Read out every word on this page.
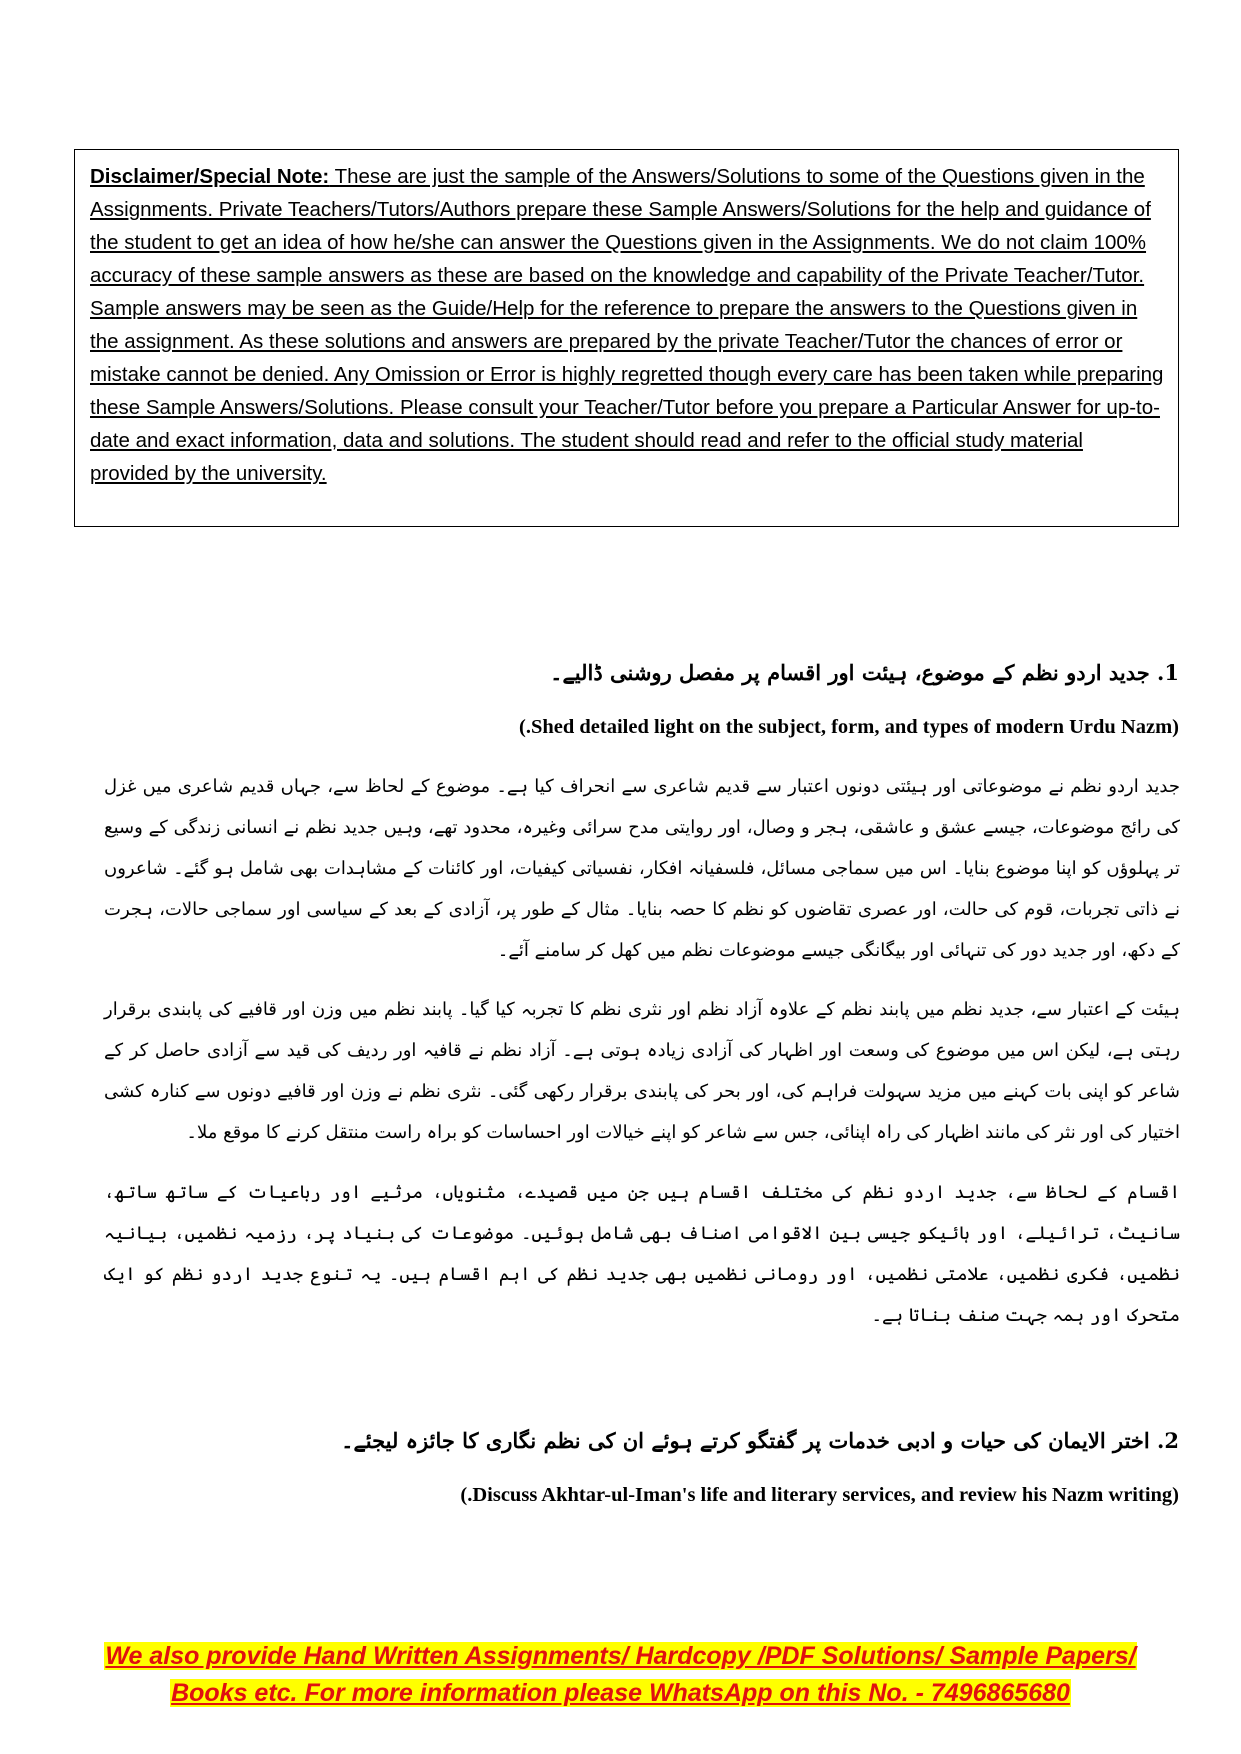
Disclaimer/Special Note: These are just the sample of the Answers/Solutions to some of the Questions given in the Assignments. Private Teachers/Tutors/Authors prepare these Sample Answers/Solutions for the help and guidance of the student to get an idea of how he/she can answer the Questions given in the Assignments. We do not claim 100% accuracy of these sample answers as these are based on the knowledge and capability of the Private Teacher/Tutor. Sample answers may be seen as the Guide/Help for the reference to prepare the answers to the Questions given in the assignment. As these solutions and answers are prepared by the private Teacher/Tutor the chances of error or mistake cannot be denied. Any Omission or Error is highly regretted though every care has been taken while preparing these Sample Answers/Solutions. Please consult your Teacher/Tutor before you prepare a Particular Answer for up-to-date and exact information, data and solutions. The student should read and refer to the official study material provided by the university.
1. جدید اردو نظم کے موضوع، ہیئت اور اقسام پر مفصل روشنی ڈالیے۔
(.Shed detailed light on the subject, form, and types of modern Urdu Nazm)
جدید اردو نظم نے موضوعاتی اور ہیئتی دونوں اعتبار سے قدیم شاعری سے انحراف کیا ہے۔ موضوع کے لحاظ سے، جہاں قدیم شاعری میں غزل کی رائج موضوعات، جیسے عشق و عاشقی، ہجر و وصال، اور روایتی مدح سرائی وغیرہ، محدود تھے، وہیں جدید نظم نے انسانی زندگی کے وسیع تر پہلوؤں کو اپنا موضوع بنایا۔ اس میں سماجی مسائل، فلسفیانہ افکار، نفسیاتی کیفیات، اور کائنات کے مشاہدات بھی شامل ہو گئے۔ شاعروں نے ذاتی تجربات، قوم کی حالت، اور عصری تقاضوں کو نظم کا حصہ بنایا۔ مثال کے طور پر، آزادی کے بعد کے سیاسی اور سماجی حالات، ہجرت کے دکھ، اور جدید دور کی تنہائی اور بیگانگی جیسے موضوعات نظم میں کھل کر سامنے آئے۔
ہیئت کے اعتبار سے، جدید نظم میں پابند نظم کے علاوہ آزاد نظم اور نثری نظم کا تجربہ کیا گیا۔ پابند نظم میں وزن اور قافیے کی پابندی برقرار رہتی ہے، لیکن اس میں موضوع کی وسعت اور اظہار کی آزادی زیادہ ہوتی ہے۔ آزاد نظم نے قافیہ اور ردیف کی قید سے آزادی حاصل کر کے شاعر کو اپنی بات کہنے میں مزید سہولت فراہم کی، اور بحر کی پابندی برقرار رکھی گئی۔ نثری نظم نے وزن اور قافیے دونوں سے کنارہ کشی اختیار کی اور نثر کی مانند اظہار کی راہ اپنائی، جس سے شاعر کو اپنے خیالات اور احساسات کو براہ راست منتقل کرنے کا موقع ملا۔
اقسام کے لحاظ سے، جدید اردو نظم کی مختلف اقسام ہیں جن میں قصیدے، مثنویاں، مرثیے اور رباعیات کے ساتھ ساتھ، سانیٹ، ترائیلے، اور ہائیکو جیسی بین الاقوامی اصناف بھی شامل ہوئیں۔ موضوعات کی بنیاد پر، رزمیہ نظمیں، بیانیہ نظمیں، فکری نظمیں، علامتی نظمیں، اور رومانی نظمیں بھی جدید نظم کی اہم اقسام ہیں۔ یہ تنوع جدید اردو نظم کو ایک متحرک اور ہمہ جہت صنف بناتا ہے۔
2. اختر الایمان کی حیات و ادبی خدمات پر گفتگو کرتے ہوئے ان کی نظم نگاری کا جائزہ لیجئے۔
(.Discuss Akhtar-ul-Iman's life and literary services, and review his Nazm writing)
We also provide Hand Written Assignments/ Hardcopy /PDF Solutions/ Sample Papers/
Books etc. For more information please WhatsApp on this No. - 7496865680
